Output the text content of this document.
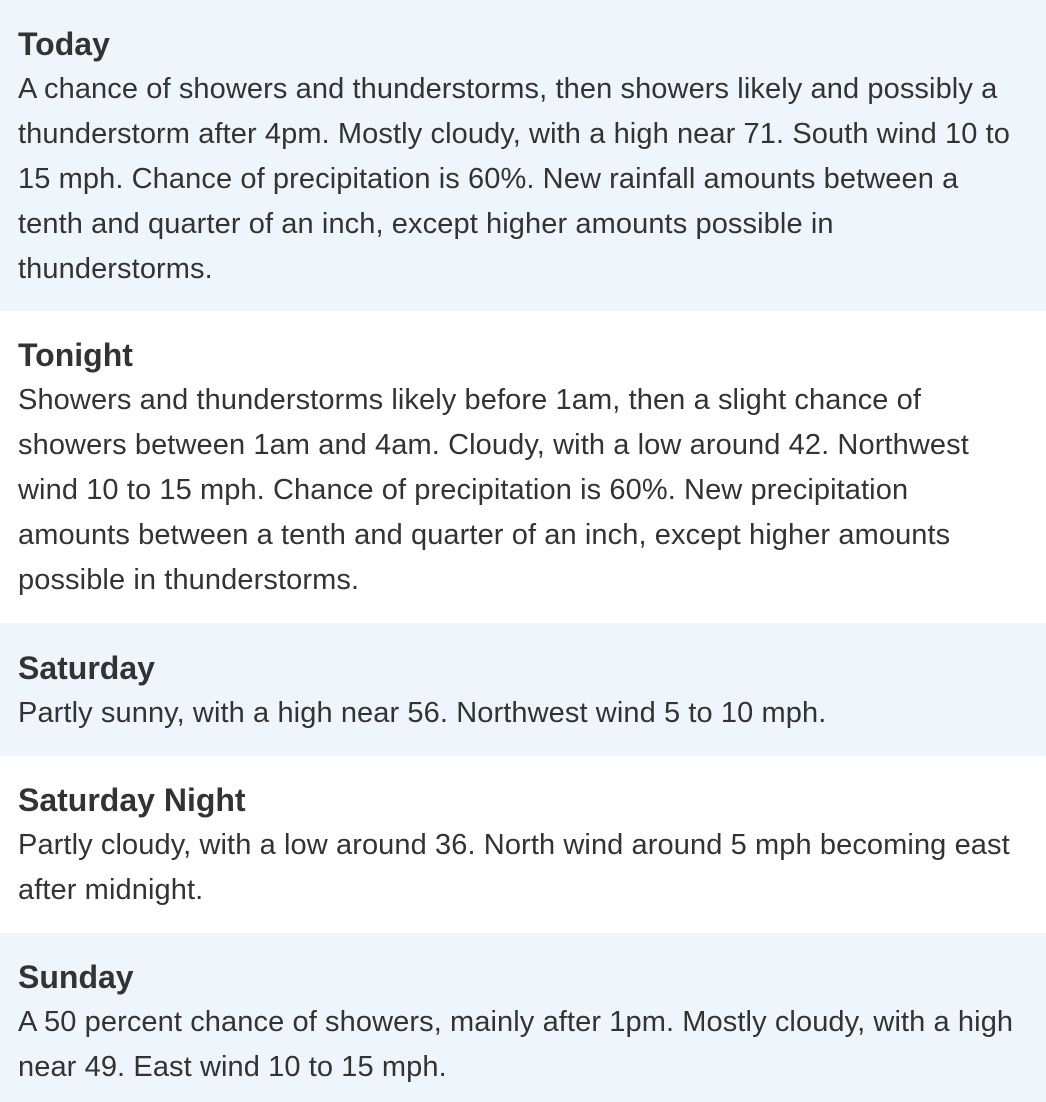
Today
A chance of showers and thunderstorms, then showers likely and possibly a thunderstorm after 4pm. Mostly cloudy, with a high near 71. South wind 10 to 15 mph. Chance of precipitation is 60%. New rainfall amounts between a tenth and quarter of an inch, except higher amounts possible in thunderstorms.
Tonight
Showers and thunderstorms likely before 1am, then a slight chance of showers between 1am and 4am. Cloudy, with a low around 42. Northwest wind 10 to 15 mph. Chance of precipitation is 60%. New precipitation amounts between a tenth and quarter of an inch, except higher amounts possible in thunderstorms.
Saturday
Partly sunny, with a high near 56. Northwest wind 5 to 10 mph.
Saturday Night
Partly cloudy, with a low around 36. North wind around 5 mph becoming east after midnight.
Sunday
A 50 percent chance of showers, mainly after 1pm. Mostly cloudy, with a high near 49. East wind 10 to 15 mph.
